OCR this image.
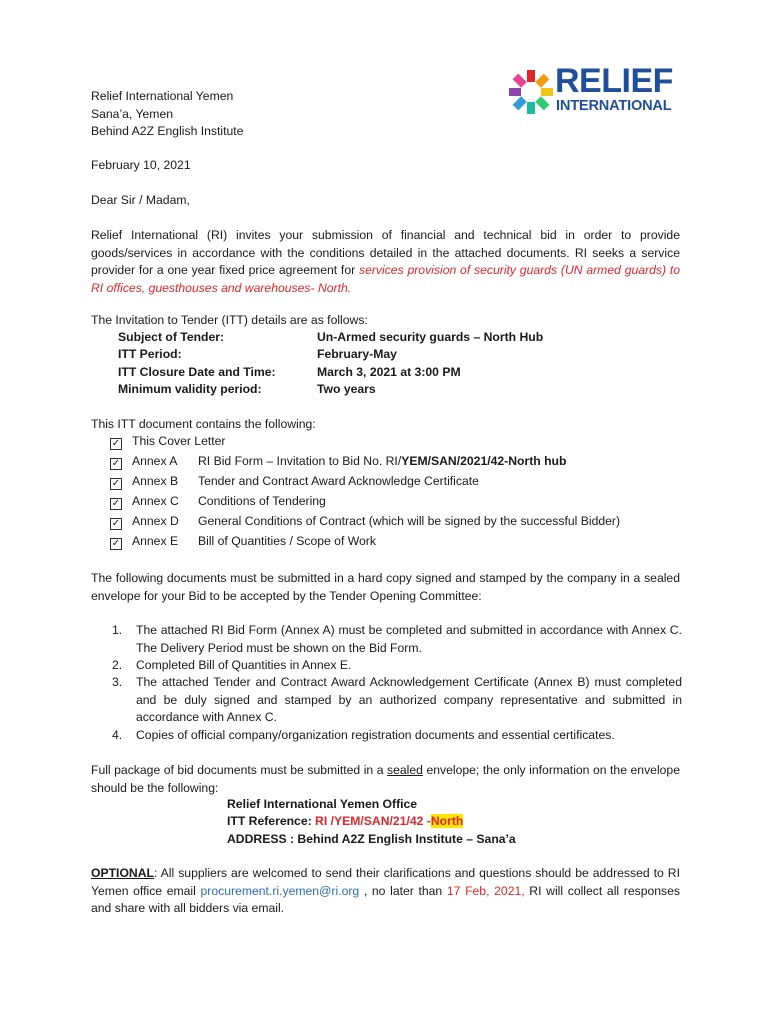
RELIEF
INTERNATIONAL
Relief International Yemen
Sana’a, Yemen
Behind A2Z English Institute
February 10, 2021
Dear Sir / Madam,
Relief International (RI) invites your submission of financial and technical bid in order to provide goods/services in accordance with the conditions detailed in the attached documents. RI seeks a service provider for a one year fixed price agreement for services provision of security guards (UN armed guards) to RI offices, guesthouses and warehouses- North.
The Invitation to Tender (ITT) details are as follows:
Subject of Tender:	Un-Armed security guards – North Hub
ITT Period:	February-May
ITT Closure Date and Time:	March 3, 2021 at 3:00 PM
Minimum validity period:	Two years
This ITT document contains the following:
✓ This Cover Letter
✓ Annex A RI Bid Form – Invitation to Bid No. RI/YEM/SAN/2021/42-North hub
✓ Annex B Tender and Contract Award Acknowledge Certificate
✓ Annex C Conditions of Tendering
✓ Annex D General Conditions of Contract (which will be signed by the successful Bidder)
✓ Annex E Bill of Quantities / Scope of Work
The following documents must be submitted in a hard copy signed and stamped by the company in a sealed envelope for your Bid to be accepted by the Tender Opening Committee:
1. The attached RI Bid Form (Annex A) must be completed and submitted in accordance with Annex C. The Delivery Period must be shown on the Bid Form.
2. Completed Bill of Quantities in Annex E.
3. The attached Tender and Contract Award Acknowledgement Certificate (Annex B) must completed and be duly signed and stamped by an authorized company representative and submitted in accordance with Annex C.
4. Copies of official company/organization registration documents and essential certificates.
Full package of bid documents must be submitted in a sealed envelope; the only information on the envelope should be the following:
Relief International Yemen Office
ITT Reference: RI /YEM/SAN/21/42 -North
ADDRESS : Behind A2Z English Institute – Sana’a
OPTIONAL: All suppliers are welcomed to send their clarifications and questions should be addressed to RI Yemen office email procurement.ri.yemen@ri.org , no later than 17 Feb, 2021, RI will collect all responses and share with all bidders via email.
